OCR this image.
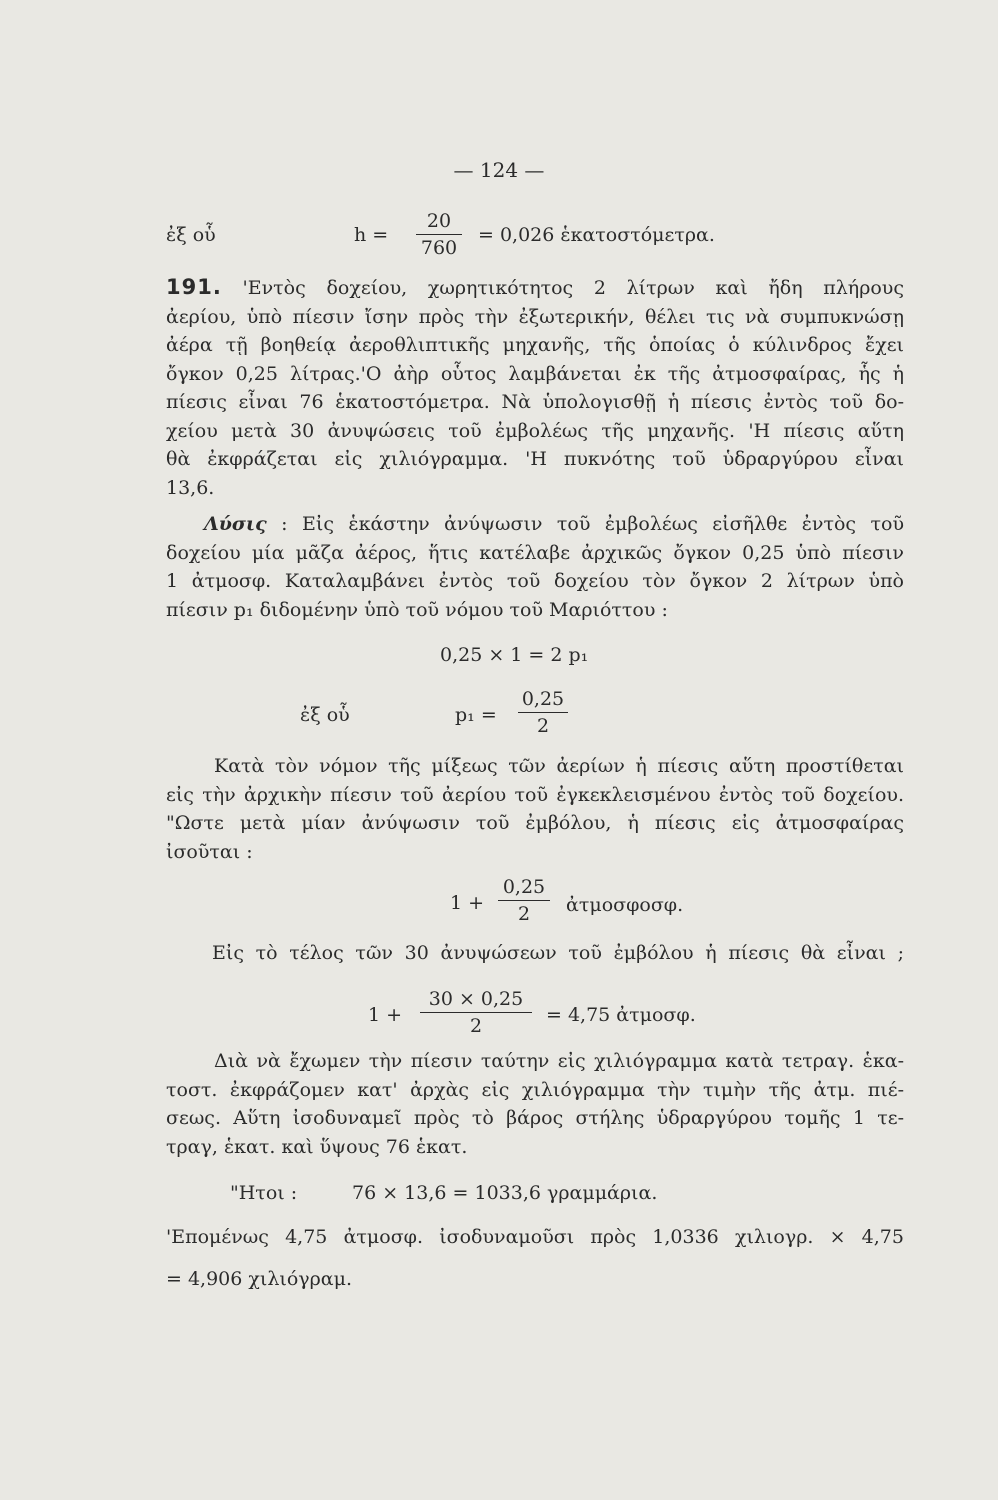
— 124 —
ἐξ οὗ	h =
20
760
= 0,026 ἑκατοστόμετρα.
191. 'Εντὸς δοχείου, χωρητικότητος 2 λίτρων καὶ ἤδη πλήρους
ἀερίου, ὑπὸ πίεσιν ἴσην πρὸς τὴν ἐξωτερικήν, θέλει τις νὰ συμπυκνώσῃ
ἀέρα τῇ βοηθείᾳ ἀεροθλιπτικῆς μηχανῆς, τῆς ὁποίας ὁ κύλινδρος ἔχει
ὄγκον 0,25 λίτρας.'Ο ἀὴρ οὗτος λαμβάνεται ἐκ τῆς ἀτμοσφαίρας, ἧς ἡ
πίεσις εἶναι 76 ἑκατοστόμετρα. Νὰ ὑπολογισθῇ ἡ πίεσις ἐντὸς τοῦ δο-
χείου μετὰ 30 ἀνυψώσεις τοῦ ἐμβολέως τῆς μηχανῆς. 'Η πίεσις αὕτη
θὰ ἐκφράζεται εἰς χιλιόγραμμα. 'Η πυκνότης τοῦ ὑδραργύρου εἶναι
13,6.
Λύσις : Εἰς ἑκάστην ἀνύψωσιν τοῦ ἐμβολέως εἰσῆλθε ἐντὸς τοῦ
δοχείου μία μᾶζα ἀέρος, ἥτις κατέλαβε ἀρχικῶς ὄγκον 0,25 ὑπὸ πίεσιν
1 ἀτμοσφ. Καταλαμβάνει ἐντὸς τοῦ δοχείου τὸν ὄγκον 2 λίτρων ὑπὸ
πίεσιν p₁ διδομένην ὑπὸ τοῦ νόμου τοῦ Μαριόττου :
0,25 × 1 = 2 p₁
ἐξ οὗ	p₁ =
0,25
2
Κατὰ τὸν νόμον τῆς μίξεως τῶν ἀερίων ἡ πίεσις αὕτη προστίθεται
εἰς τὴν ἀρχικὴν πίεσιν τοῦ ἀερίου τοῦ ἐγκεκλεισμένου ἐντὸς τοῦ δοχείου.
"Ωστε μετὰ μίαν ἀνύψωσιν τοῦ ἐμβόλου, ἡ πίεσις εἰς ἀτμοσφαίρας
ἰσοῦται :
1 +
0,25
2	ἀτμοσφοσφ.
Εἰς τὸ τέλος τῶν 30 ἀνυψώσεων τοῦ ἐμβόλου ἡ πίεσις θὰ εἶναι ;
1 +
30 × 0,25
2	= 4,75 ἀτμοσφ.
Διὰ νὰ ἔχωμεν τὴν πίεσιν ταύτην εἰς χιλιόγραμμα κατὰ τετραγ. ἑκα-
τοστ. ἐκφράζομεν κατ' ἀρχὰς εἰς χιλιόγραμμα τὴν τιμὴν τῆς ἀτμ. πιέ-
σεως. Αὕτη ἰσοδυναμεῖ πρὸς τὸ βάρος στήλης ὑδραργύρου τομῆς 1 τε-
τραγ, ἑκατ. καὶ ὕψους 76 ἑκατ.
"Ητοι :	76 × 13,6 = 1033,6 γραμμάρια.
'Επομένως 4,75 ἀτμοσφ. ἰσοδυναμοῦσι πρὸς 1,0336 χιλιογρ. × 4,75
= 4,906 χιλιόγραμ.
